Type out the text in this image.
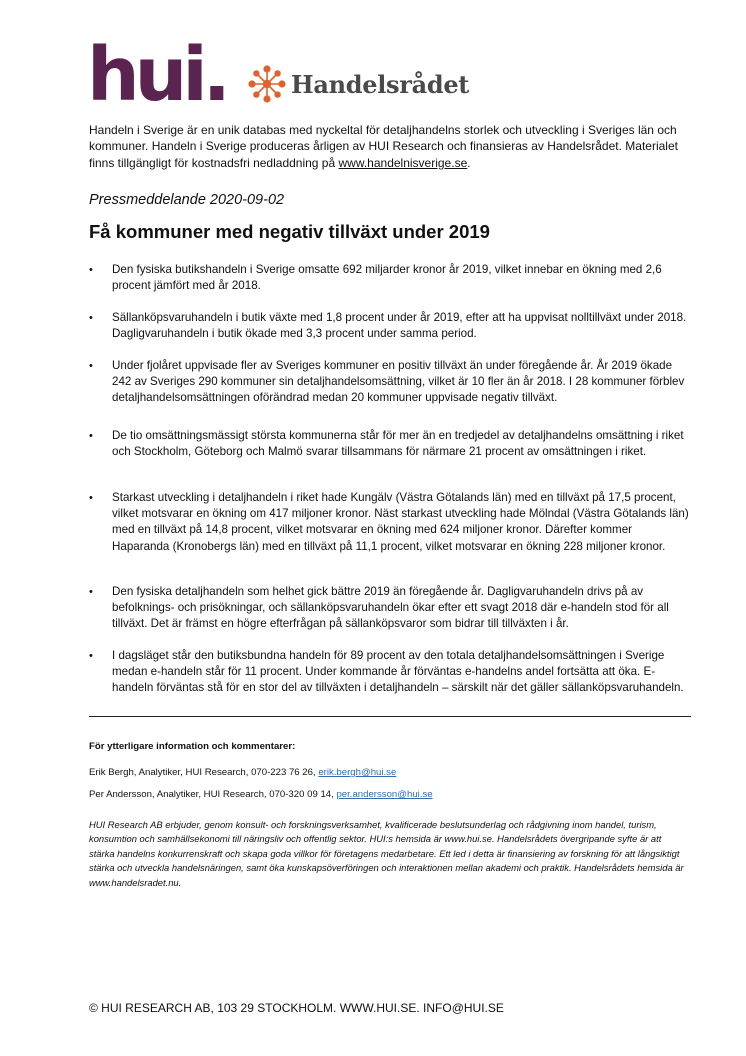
hui.	Handelsrådet

Handeln i Sverige är en unik databas med nyckeltal för detaljhandelns storlek och utveckling i Sveriges län och kommuner. Handeln i Sverige produceras årligen av HUI Research och finansieras av Handelsrådet. Materialet finns tillgängligt för kostnadsfri nedladdning på www.handelnisverige.se.

Pressmeddelande 2020-09-02

Få kommuner med negativ tillväxt under 2019
•	Den fysiska butikshandeln i Sverige omsatte 692 miljarder kronor år 2019, vilket innebar en ökning med 2,6 procent jämfört med år 2018.
•	Sällanköpsvaruhandeln i butik växte med 1,8 procent under år 2019, efter att ha uppvisat nolltillväxt under 2018. Dagligvaruhandeln i butik ökade med 3,3 procent under samma period.
•	Under fjolåret uppvisade fler av Sveriges kommuner en positiv tillväxt än under föregående år. År 2019 ökade 242 av Sveriges 290 kommuner sin detaljhandelsomsättning, vilket är 10 fler än år 2018. I 28 kommuner förblev detaljhandelsomsättningen oförändrad medan 20 kommuner uppvisade negativ tillväxt.
•	De tio omsättningsmässigt största kommunerna står för mer än en tredjedel av detaljhandelns omsättning i riket och Stockholm, Göteborg och Malmö svarar tillsammans för närmare 21 procent av omsättningen i riket.
•	Starkast utveckling i detaljhandeln i riket hade Kungälv (Västra Götalands län) med en tillväxt på 17,5 procent, vilket motsvarar en ökning om 417 miljoner kronor. Näst starkast utveckling hade Mölndal (Västra Götalands län) med en tillväxt på 14,8 procent, vilket motsvarar en ökning med 624 miljoner kronor. Därefter kommer Haparanda (Kronobergs län) med en tillväxt på 11,1 procent, vilket motsvarar en ökning 228 miljoner kronor.
•	Den fysiska detaljhandeln som helhet gick bättre 2019 än föregående år. Dagligvaruhandeln drivs på av befolknings- och prisökningar, och sällanköpsvaruhandeln ökar efter ett svagt 2018 där e-handeln stod för all tillväxt. Det är främst en högre efterfrågan på sällanköpsvaror som bidrar till tillväxten i år.
•	I dagsläget står den butiksbundna handeln för 89 procent av den totala detaljhandelsomsättningen i Sverige medan e-handeln står för 11 procent. Under kommande år förväntas e-handelns andel fortsätta att öka. E-handeln förväntas stå för en stor del av tillväxten i detaljhandeln – särskilt när det gäller sällanköpsvaruhandeln.

För ytterligare information och kommentarer:

Erik Bergh, Analytiker, HUI Research, 070-223 76 26, erik.bergh@hui.se

Per Andersson, Analytiker, HUI Research, 070-320 09 14, per.andersson@hui.se

HUI Research AB erbjuder, genom konsult- och forskningsverksamhet, kvalificerade beslutsunderlag och rådgivning inom handel, turism, konsumtion och samhällsekonomi till näringsliv och offentlig sektor. HUI:s hemsida är www.hui.se. Handelsrådets övergripande syfte är att stärka handelns konkurrenskraft och skapa goda villkor för företagens medarbetare. Ett led i detta är finansiering av forskning för att långsiktigt stärka och utveckla handelsnäringen, samt öka kunskapsöverföringen och interaktionen mellan akademi och praktik. Handelsrådets hemsida är www.handelsradet.nu.

© HUI RESEARCH AB, 103 29 STOCKHOLM. WWW.HUI.SE. INFO@HUI.SE
